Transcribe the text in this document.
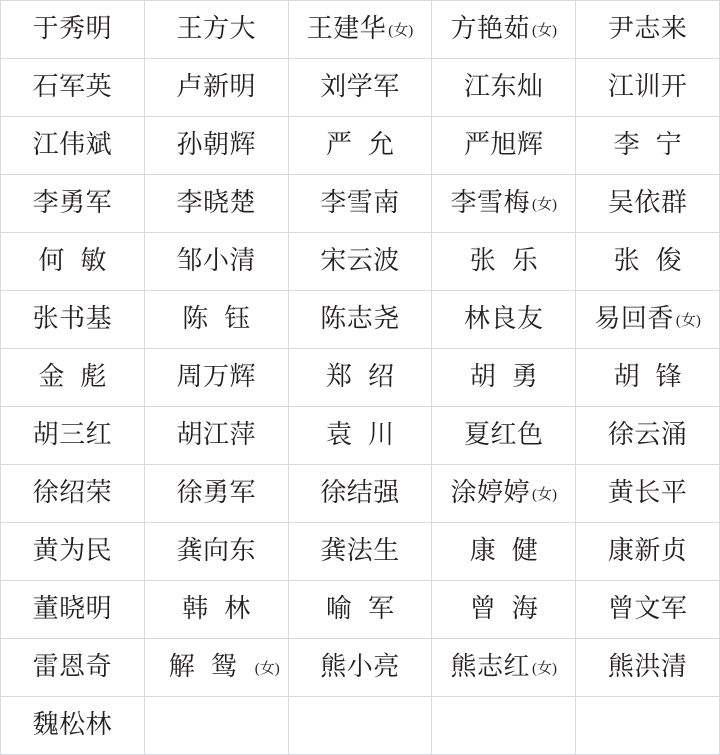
于秀明	王方大	王建华 (女)	方艳茹 (女)	尹志来
石军英	卢新明	刘学军	江东灿	江训开
江伟斌	孙朝辉	严允	严旭辉	李宁
李勇军	李晓楚	李雪南	李雪梅 (女)	吴依群
何敏	邹小清	宋云波	张乐	张俊
张书基	陈钰	陈志尧	林良友	易回香 (女)
金彪	周万辉	郑绍	胡勇	胡锋
胡三红	胡江萍	袁川	夏红色	徐云涌
徐绍荣	徐勇军	徐结强	涂婷婷 (女)	黄长平
黄为民	龚向东	龚法生	康健	康新贞
董晓明	韩林	喻军	曾海	曾文军
雷恩奇	解鸳 (女)	熊小亮	熊志红 (女)	熊洪清
魏松林				
